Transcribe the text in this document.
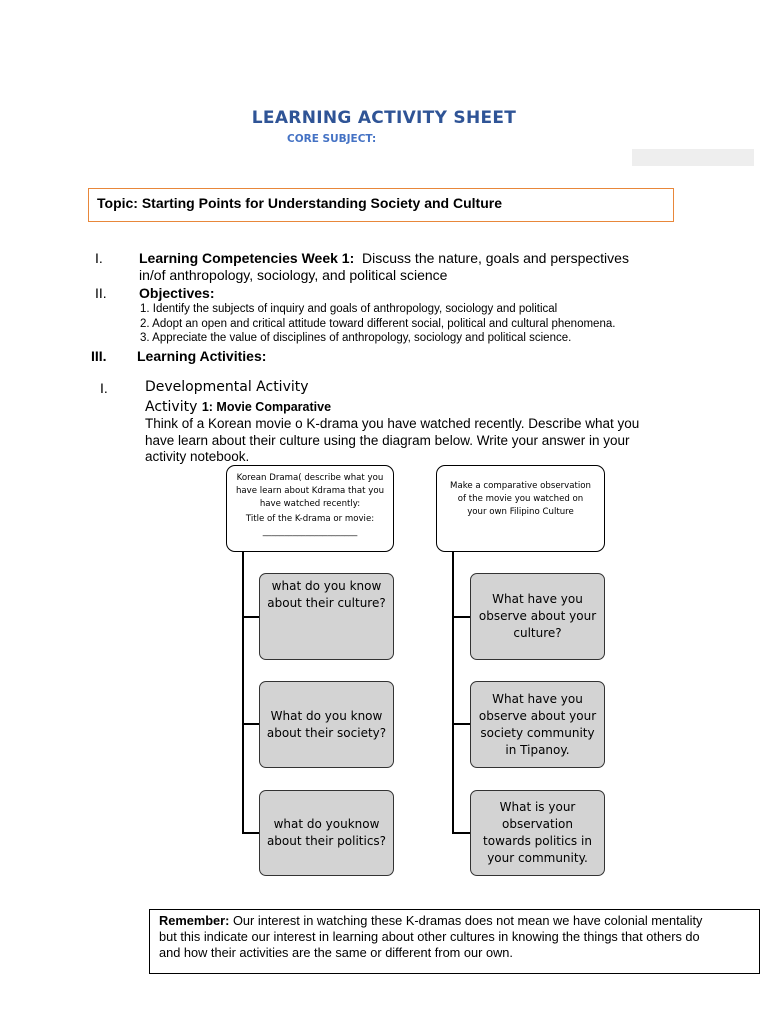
LEARNING ACTIVITY SHEET
CORE SUBJECT:
Topic: Starting Points for Understanding Society and Culture
I.	Learning Competencies Week 1: Discuss the nature, goals and perspectives
in/of anthropology, sociology, and political science
II. Objectives:
1. Identify the subjects of inquiry and goals of anthropology, sociology and political
2. Adopt an open and critical attitude toward different social, political and cultural phenomena.
3. Appreciate the value of disciplines of anthropology, sociology and political science.
III. Learning Activities:
I.	Developmental Activity
Activity 1: Movie Comparative
Think of a Korean movie o K-drama you have watched recently. Describe what you
have learn about their culture using the diagram below. Write your answer in your
activity notebook.
Korean Drama( describe what you
have learn about Kdrama that you
have watched recently:
Title of the K-drama or movie:
______________________
what do you know
about their culture?
What do you know
about their society?
what do youknow
about their politics?
Make a comparative observation
of the movie you watched on
your own Filipino Culture
What have you
observe about your
culture?
What have you
observe about your
society community
in Tipanoy.
What is your
observation
towards politics in
your community.
Remember: Our interest in watching these K-dramas does not mean we have colonial mentality
but this indicate our interest in learning about other cultures in knowing the things that others do
and how their activities are the same or different from our own.
